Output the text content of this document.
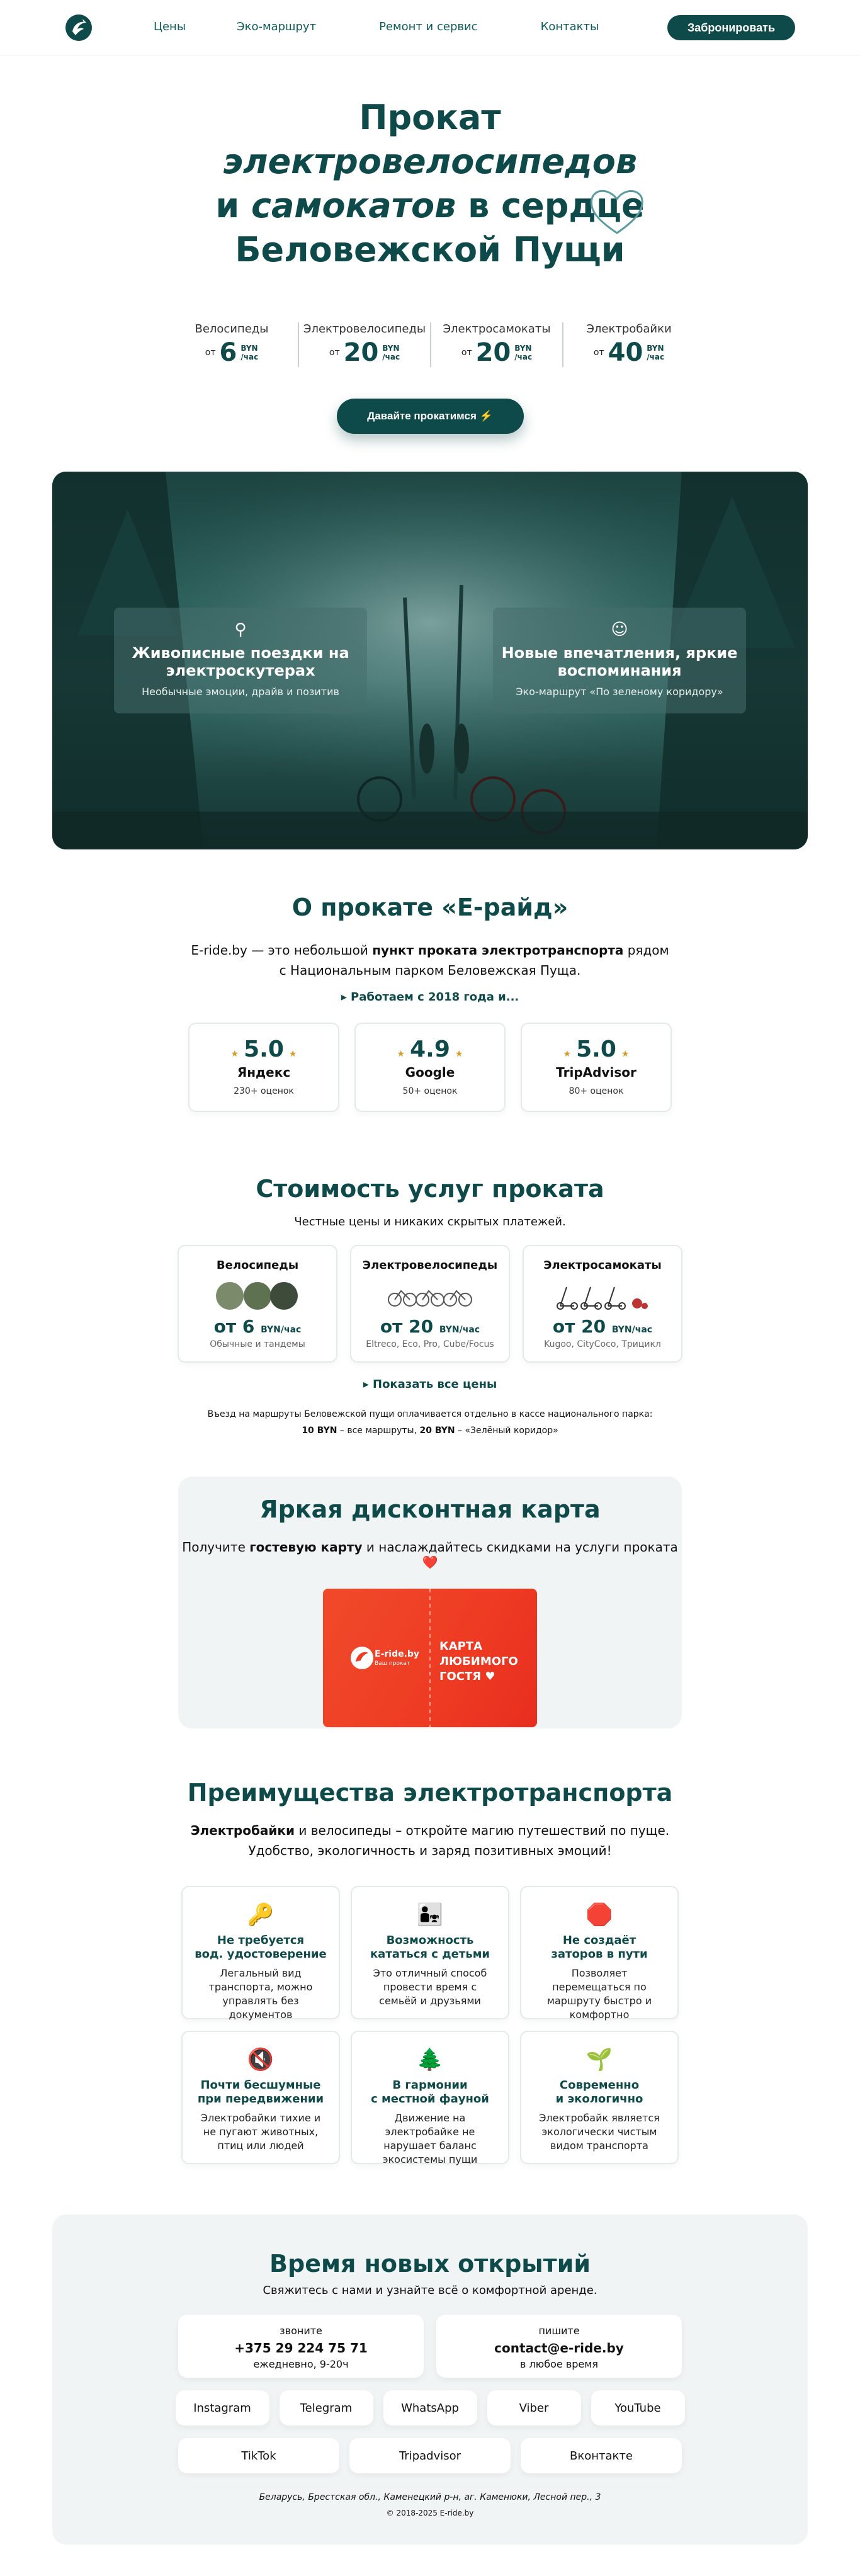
Цены	Эко-маршрут	Ремонт и сервис	Контакты	Забронировать
Прокат
электровелосипедов
и самокатов в сердце
Беловежской Пущи
Велосипеды
от 6 BYN
/час
Электровелосипеды
от 20 BYN
/час
Электросамокаты
от 20 BYN
/час
Электробайки
от 40 BYN
/час
Давайте прокатимся ⚡
⚲
Живописные поездки на электроскутерах
Необычные эмоции, драйв и позитив
☺
Новые впечатления, яркие воспоминания
Эко-маршрут «По зеленому коридору»
О прокате «E-райд»

E-ride.by — это небольшой пункт проката электротранспорта рядом
с Национальным парком Беловежская Пуща.

▸ Работаем с 2018 года и...
★ 5.0 ★
Яндекс
230+ оценок
★ 4.9 ★
Google
50+ оценок
★ 5.0 ★
TripAdvisor
80+ оценок
Стоимость услуг проката
Честные цены и никаких скрытых платежей.
Велосипеды
от 6 BYN/час
Обычные и тандемы
Электровелосипеды
от 20 BYN/час
Eltreco, Eco, Pro, Cube/Focus
Электросамокаты
от 20 BYN/час
Kugoo, CityCoco, Трицикл
▸ Показать все цены
Въезд на маршруты Беловежской пущи оплачивается отдельно в кассе национального парка:
10 BYN – все маршруты, 20 BYN – «Зелёный коридор»
Яркая дисконтная карта

Получите гостевую карту и наслаждайтесь скидками на услуги проката ❤️

E-ride.by
Ваш прокат
КАРТА
ЛЮБИМОГО
ГОСТЯ ♥
Преимущества электротранспорта

Электробайки и велосипеды – откройте магию путешествий по пуще.
Удобство, экологичность и заряд позитивных эмоций!

🔑
Не требуется
вод. удостоверение
Легальный вид транспорта, можно управлять без документов
👨‍👧
Возможность
кататься с детьми
Это отличный способ провести время с семьёй и друзьями
🛑
Не создаёт
заторов в пути
Позволяет перемещаться по маршруту быстро и комфортно
🔇
Почти бесшумные
при передвижении
Электробайки тихие и не пугают животных, птиц или людей
🌲
В гармонии
с местной фауной
Движение на электробайке не нарушает баланс экосистемы пущи
🌱
Современно
и экологично
Электробайк является экологически чистым видом транспорта
Время новых открытий
Свяжитесь с нами и узнайте всё о комфортной аренде.
звоните
+375 29 224 75 71
ежедневно, 9-20ч
пишите
contact@e-ride.by
в любое время
Instagram	Telegram	WhatsApp	Viber	YouTube
TikTok	Tripadvisor	Вконтакте
Беларусь, Брестская обл., Каменецкий р-н, аг. Каменюки, Лесной пер., 3
© 2018-2025 E-ride.by
